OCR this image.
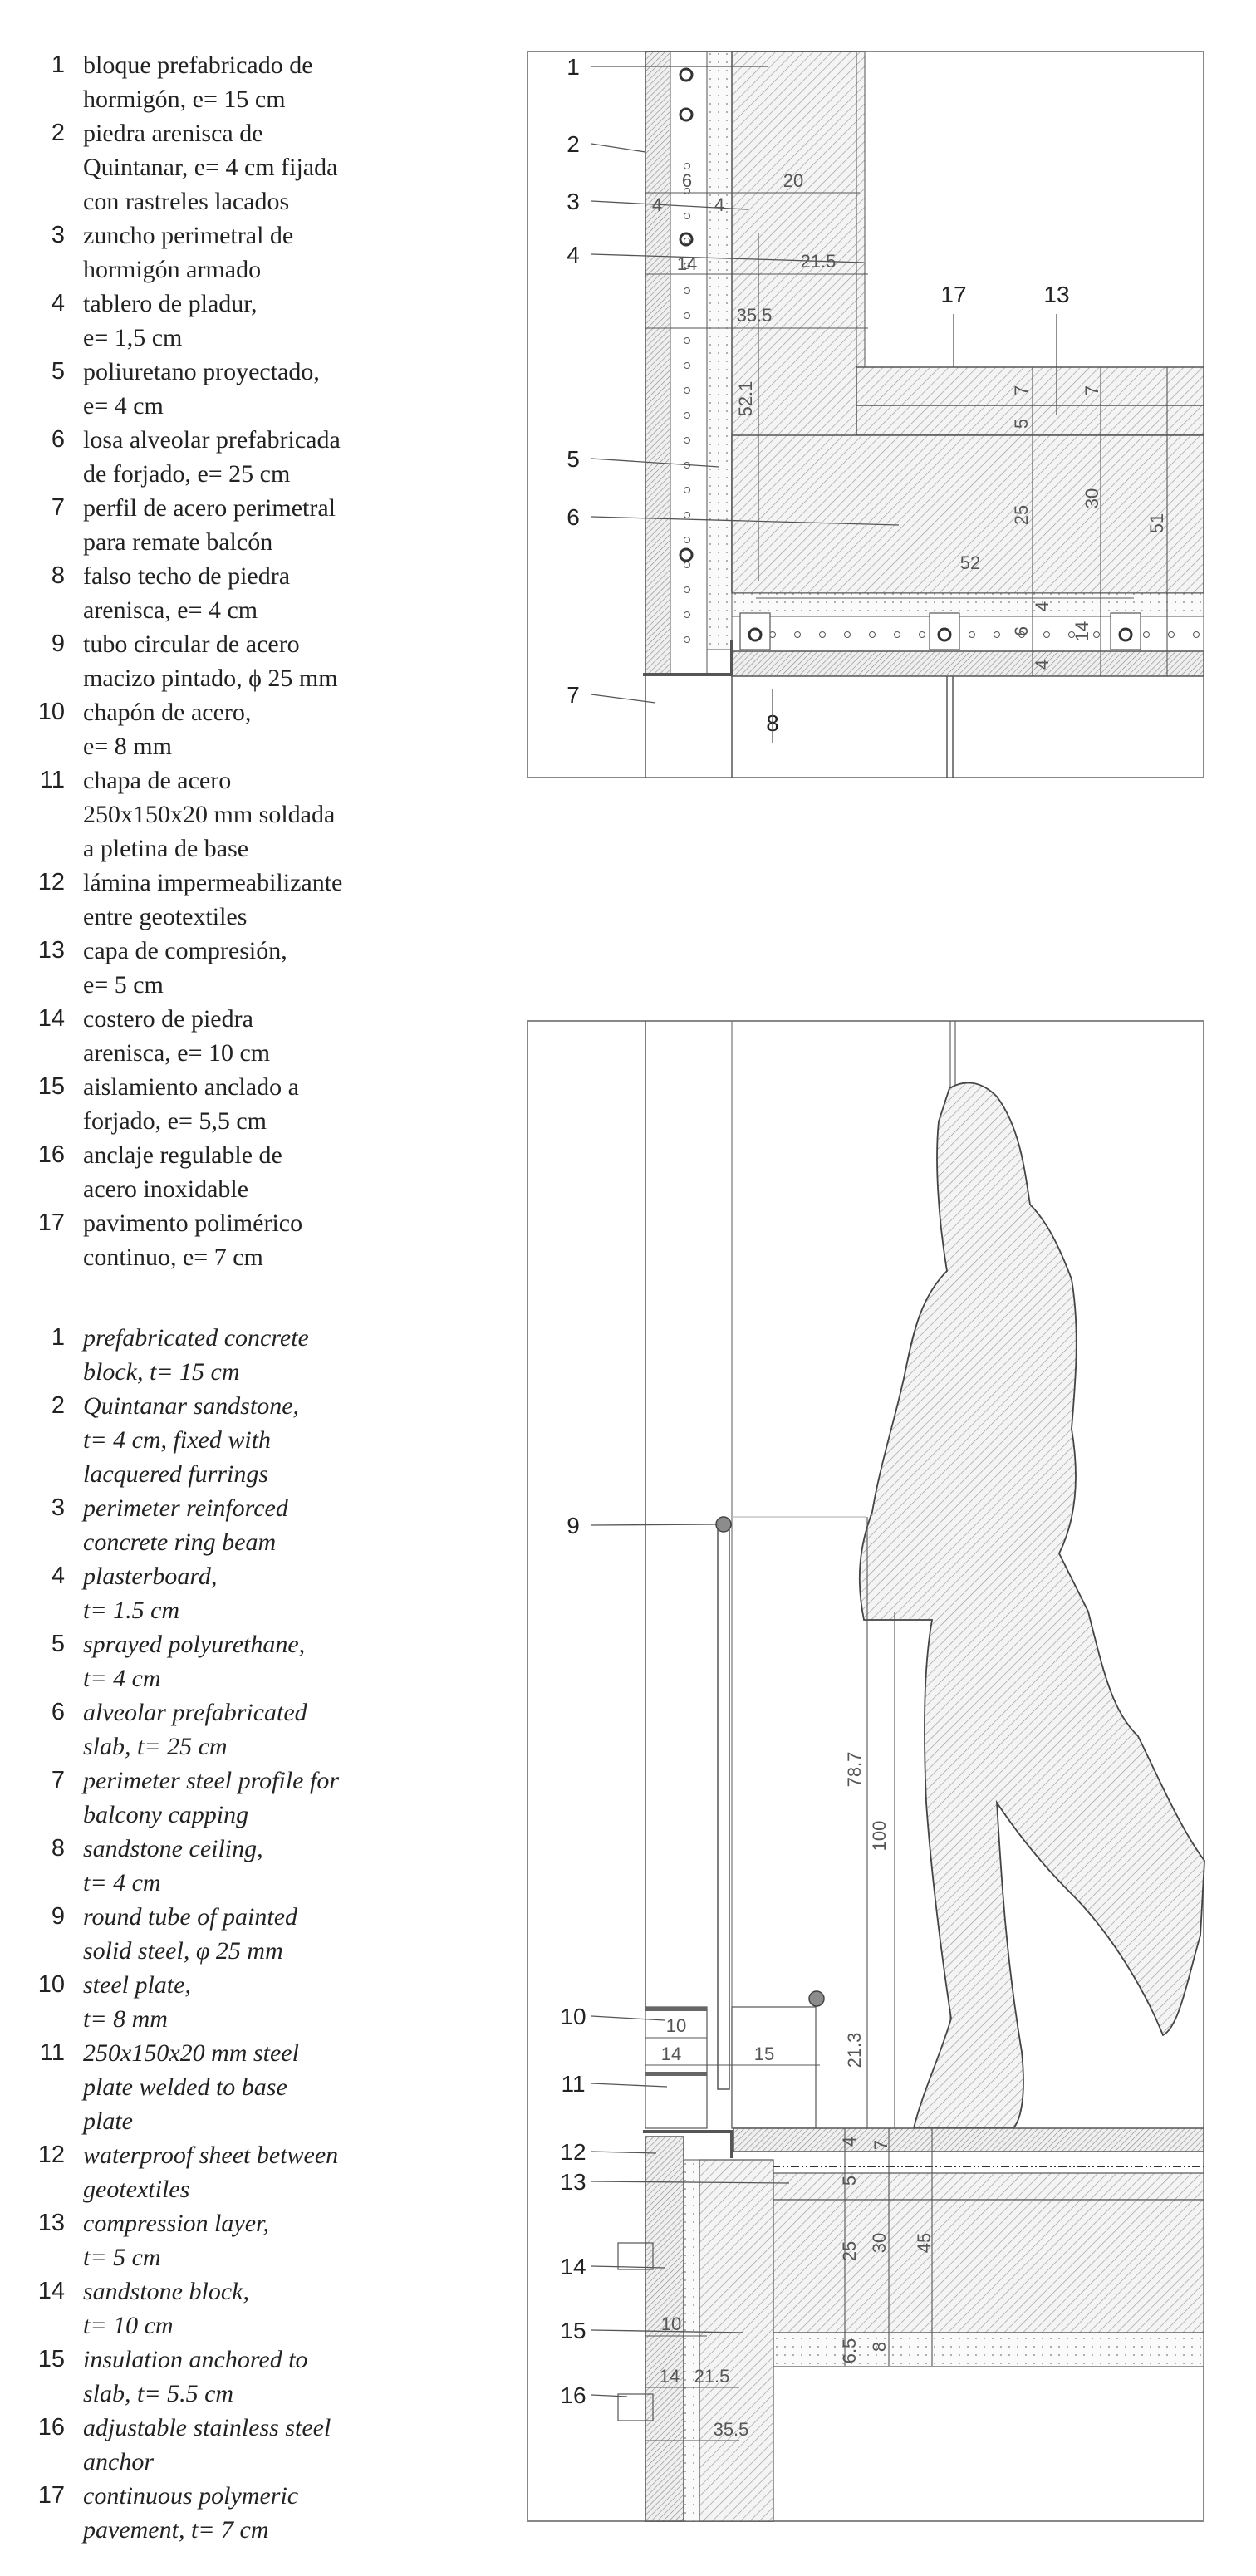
1 bloque prefabricado de
hormigón, e= 15 cm
2 piedra arenisca de
Quintanar, e= 4 cm fijada
con rastreles lacados
3 zuncho perimetral de
hormigón armado
4 tablero de pladur,
e= 1,5 cm
5 poliuretano proyectado,
e= 4 cm
6 losa alveolar prefabricada
de forjado, e= 25 cm
7 perfil de acero perimetral
para remate balcón
8 falso techo de piedra
arenisca, e= 4 cm
9 tubo circular de acero
macizo pintado, ϕ 25 mm
10 chapón de acero,
e= 8 mm
11 chapa de acero
250x150x20 mm soldada
a pletina de base
12 lámina impermeabilizante
entre geotextiles
13 capa de compresión,
e= 5 cm
14 costero de piedra
arenisca, e= 10 cm
15 aislamiento anclado a
forjado, e= 5,5 cm
16 anclaje regulable de
acero inoxidable
17 pavimento polimérico
continuo, e= 7 cm
1 prefabricated concrete
block, t= 15 cm
2 Quintanar sandstone,
t= 4 cm, fixed with
lacquered furrings
3 perimeter reinforced
concrete ring beam
4 plasterboard,
t= 1.5 cm
5 sprayed polyurethane,
t= 4 cm
6 alveolar prefabricated
slab, t= 25 cm
7 perimeter steel profile for
balcony capping
8 sandstone ceiling,
t= 4 cm
9 round tube of painted
solid steel, φ 25 mm
10 steel plate,
t= 8 mm
11 250x150x20 mm steel
plate welded to base
plate
12 waterproof sheet between
geotextiles
13 compression layer,
t= 5 cm
14 sandstone block,
t= 10 cm
15 insulation anchored to
slab, t= 5.5 cm
16 adjustable stainless steel
anchor
17 continuous polymeric
pavement, t= 7 cm
1
2
3
4
5
6
7
8
17	13
4
6
4
20
14	21.5
35.5
52.1
52
7
5
25
4
6
4
7
30
14
51
9
10
11
12
13
14
15
16
78.7
100
21.3
10
14	15
4
5
25
6.5
7
30
8
45
10
14 21.5
35.5
